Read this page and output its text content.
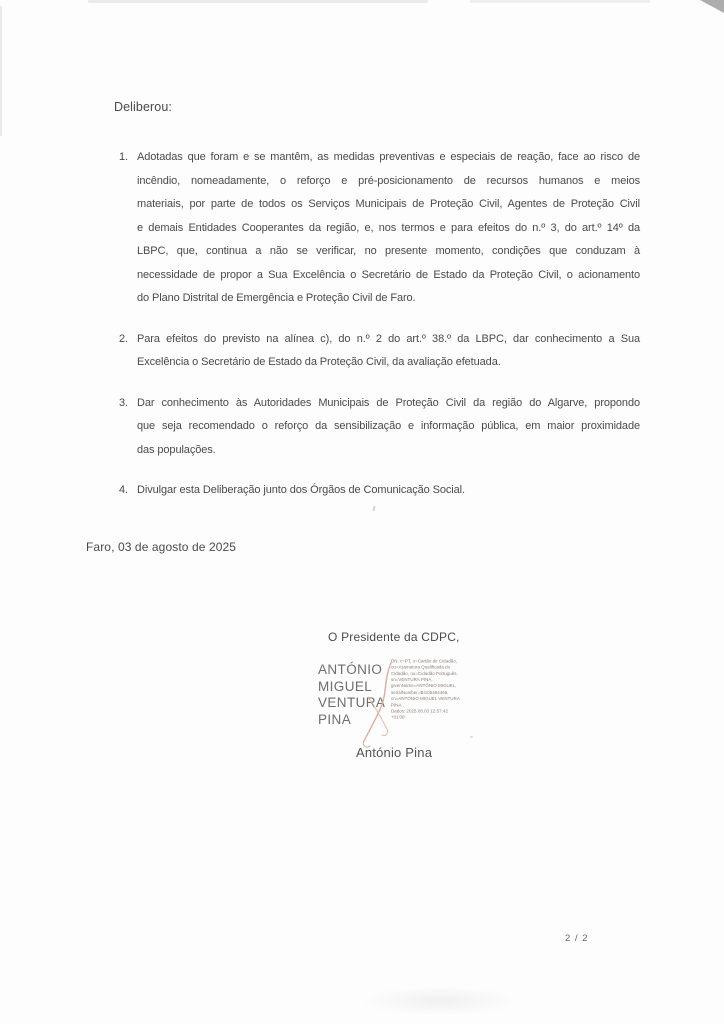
Deliberou:
1. Adotadas que foram e se mantêm, as medidas preventivas e especiais de reação, face ao risco de
incêndio, nomeadamente, o reforço e pré-posicionamento de recursos humanos e meios
materiais, por parte de todos os Serviços Municipais de Proteção Civil, Agentes de Proteção Civil
e demais Entidades Cooperantes da região, e, nos termos e para efeitos do n.º 3, do art.º 14º da
LBPC, que, continua a não se verificar, no presente momento, condições que conduzam à
necessidade de propor a Sua Excelência o Secretário de Estado da Proteção Civil, o acionamento
do Plano Distrital de Emergência e Proteção Civil de Faro.
2. Para efeitos do previsto na alínea c), do n.º 2 do art.º 38.º da LBPC, dar conhecimento a Sua
Excelência o Secretário de Estado da Proteção Civil, da avaliação efetuada.
3. Dar conhecimento às Autoridades Municipais de Proteção Civil da região do Algarve, propondo
que seja recomendado o reforço da sensibilização e informação pública, em maior proximidade
das populações.
4. Divulgar esta Deliberação junto dos Órgãos de Comunicação Social.
Faro, 03 de agosto de 2025
O Presidente da CDPC,
ANTÓNIO
MIGUEL
VENTURA
PINA
DN: c=PT, o=Cartão de Cidadão,
ou=Assinatura Qualificada do
Cidadão, ou=Cidadão Português,
sn=VENTURA PINA,
givenName=ANTÓNIO MIGUEL,
serialNumber=BI105464465,
cn=ANTÓNIO MIGUEL VENTURA
PINA
Dados: 2025.08.03 12:57:42
+01'00'
António Pina
2 / 2
